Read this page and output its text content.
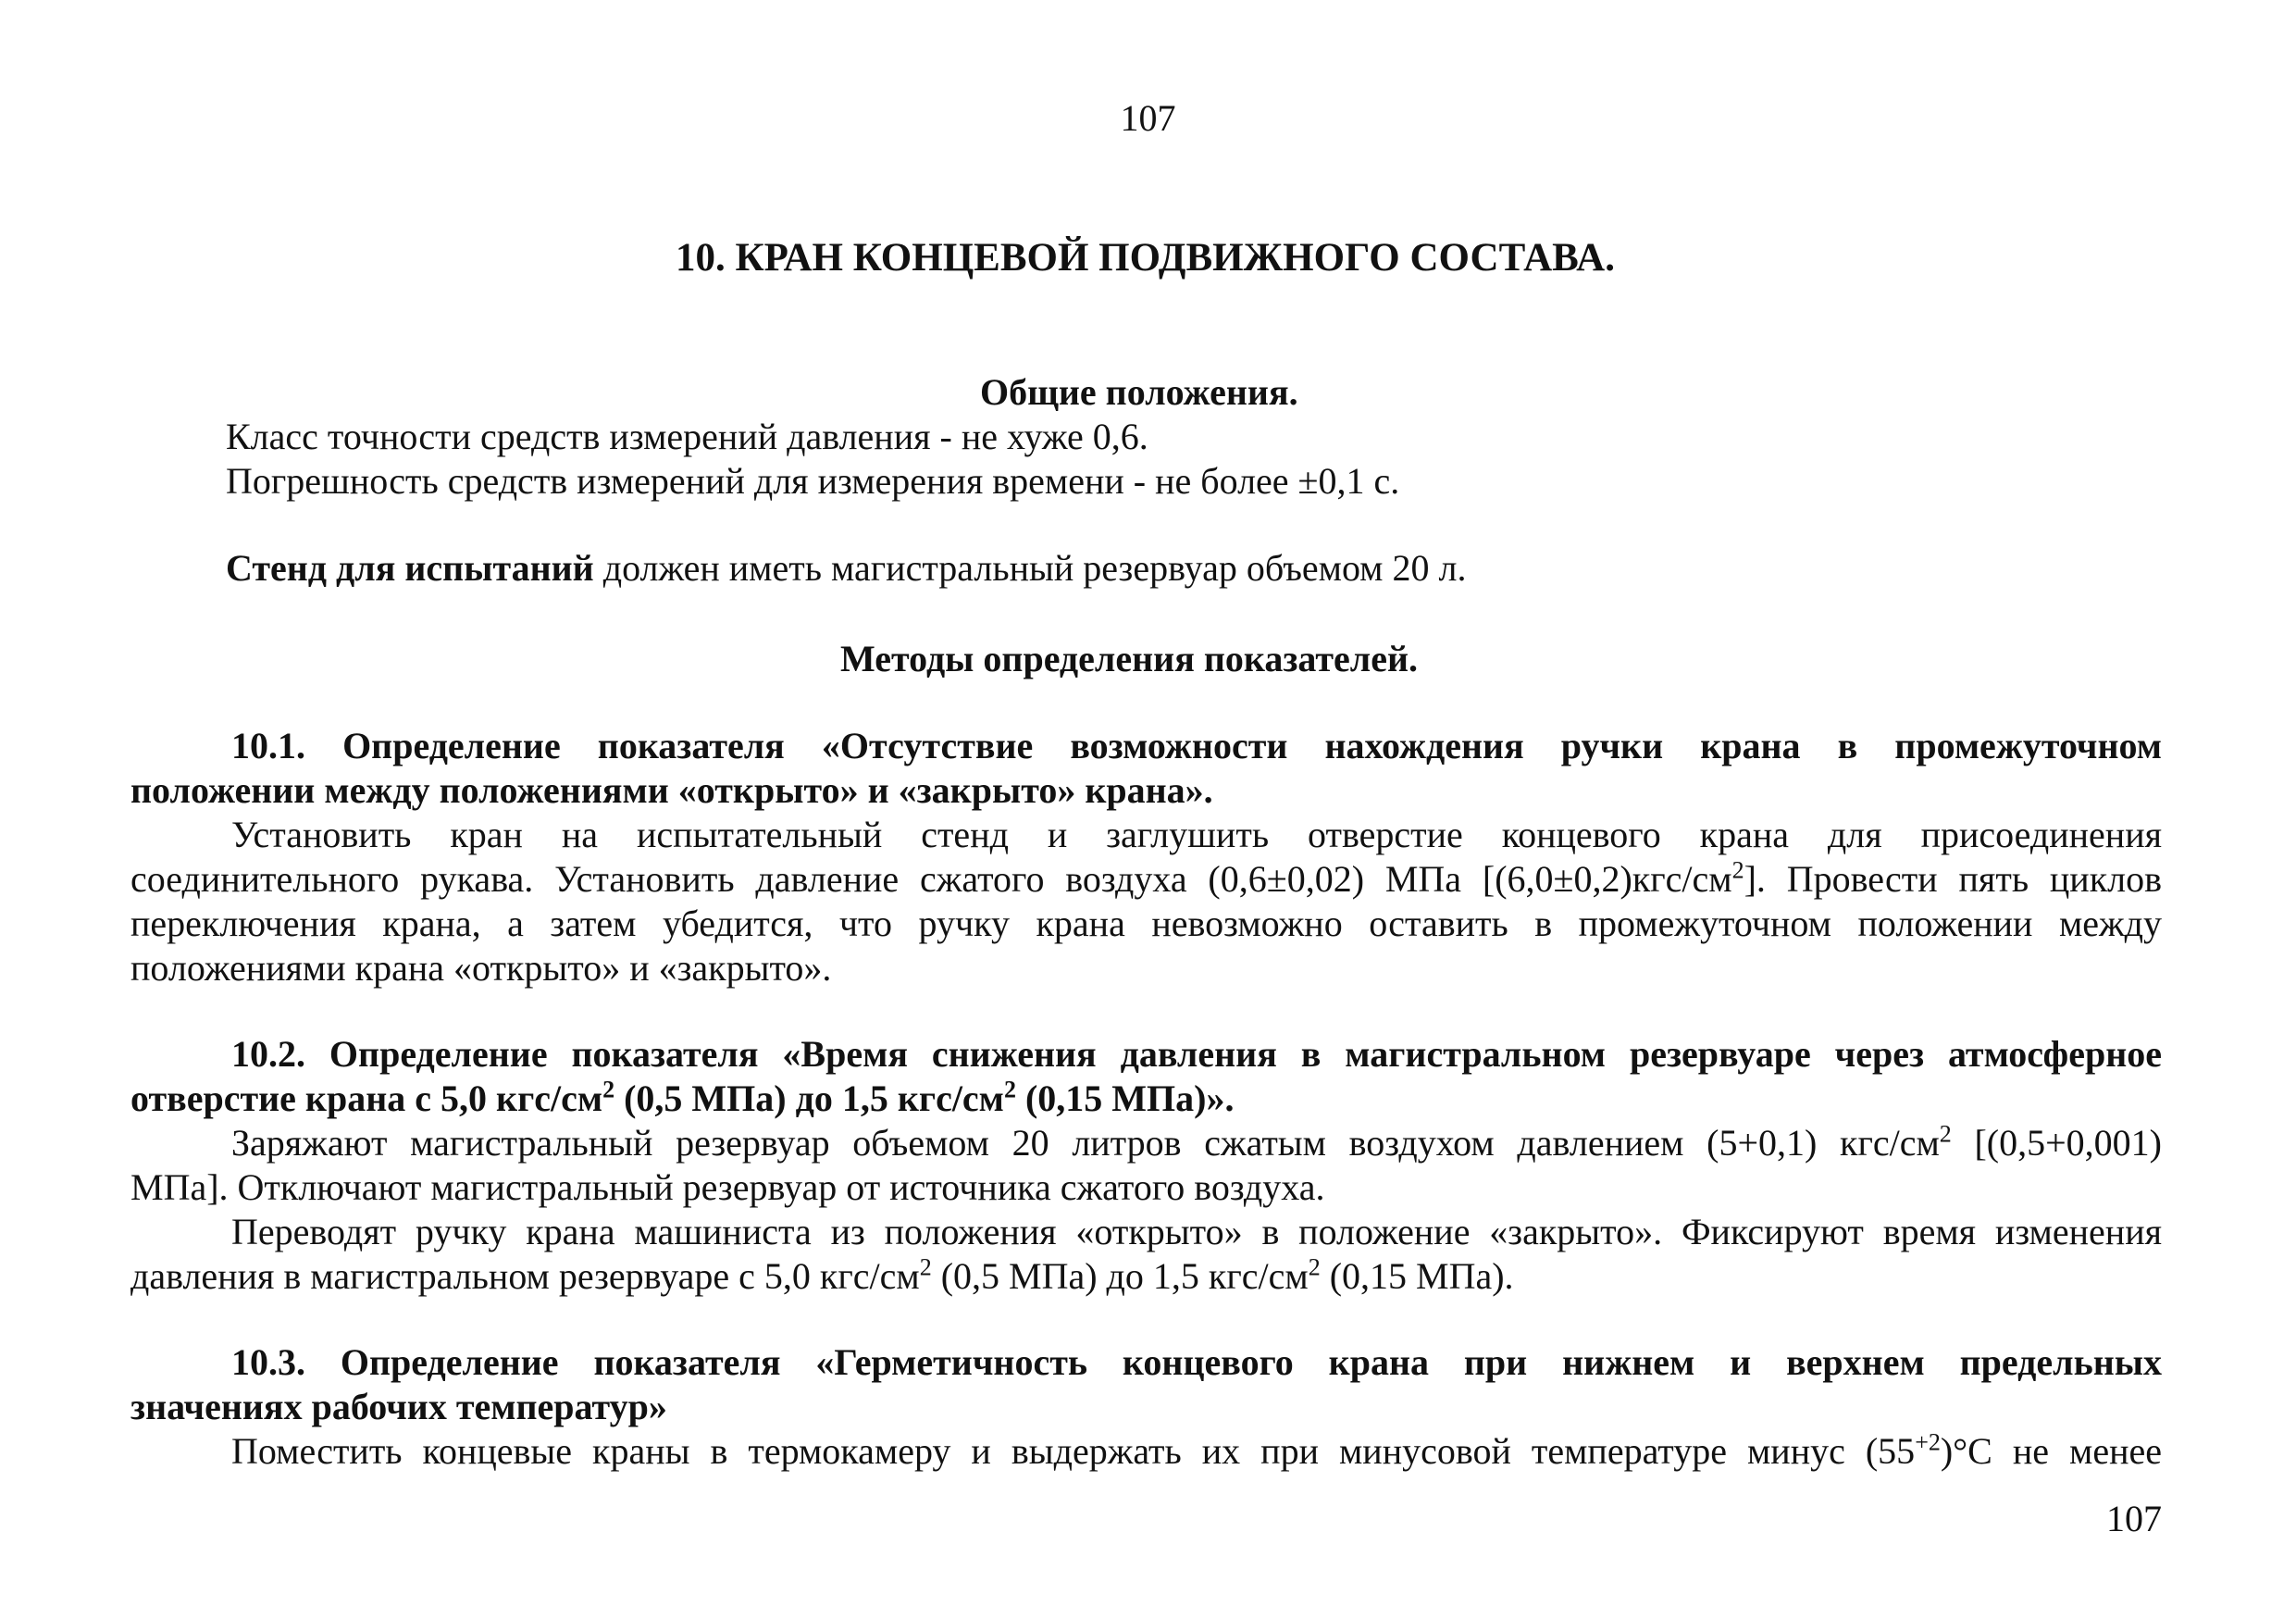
107
10. КРАН КОНЦЕВОЙ ПОДВИЖНОГО СОСТАВА.
Общие положения.
Класс точности средств измерений давления - не хуже 0,6.
Погрешность средств измерений для измерения времени - не более ±0,1 с.
Стенд для испытаний должен иметь магистральный резервуар объемом 20 л.
Методы определения показателей.
10.1. Определение показателя «Отсутствие возможности нахождения ручки крана в промежуточном
положении между положениями «открыто» и «закрыто» крана».
Установить кран на испытательный стенд и заглушить отверстие концевого крана для присоединения
соединительного рукава. Установить давление сжатого воздуха (0,6±0,02) МПа $[(6,0\pm 0,2)кгс/см^2]$. Провести пять циклов
переключения крана, а затем убедится, что ручку крана невозможно оставить в промежуточном положении между
положениями крана «открыто» и «закрыто».
10.2. Определение показателя «Время снижения давления в магистральном резервуаре через атмосферное
отверстие крана с 5,0 кгс/$см^2$ (0,5 МПа) до 1,5 кгс/$см^2$ (0,15 МПа)».
Заряжают магистральный резервуар объемом 20 литров сжатым воздухом давлением (5+0,1) кгс/$см^2$ [(0,5+0,001)
МПа]. Отключают магистральный резервуар от источника сжатого воздуха.
Переводят ручку крана машиниста из положения «открыто» в положение «закрыто». Фиксируют время изменения
давления в магистральном резервуаре с 5,0 кгс/$см^2$ (0,5 МПа) до 1,5 кгс/$см^2$ (0,15 МПа).
10.3. Определение показателя «Герметичность концевого крана при нижнем и верхнем предельных
значениях рабочих температур»
Поместить концевые краны в термокамеру и выдержать их при минусовой температуре минус $(55^{+2})^\circ С$ не менее
107
